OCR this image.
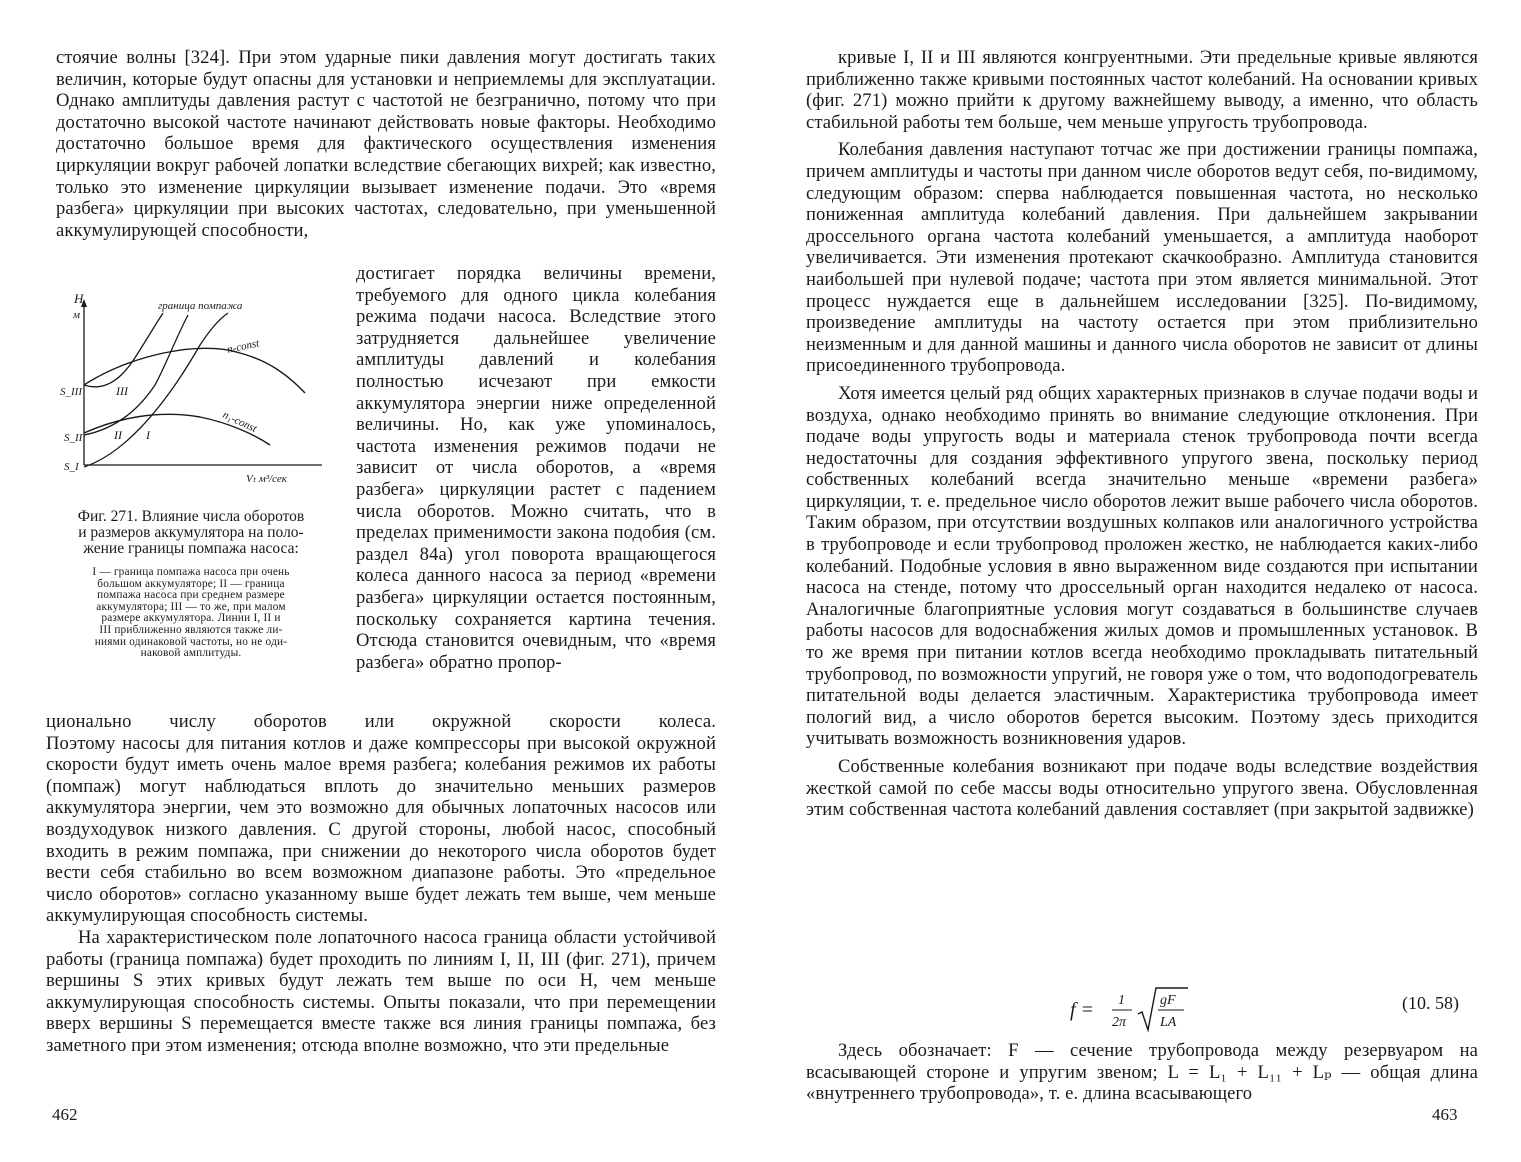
стоячие волны [324]. При этом ударные пики давления могут достигать таких величин, которые будут опасны для установки и неприемлемы для эксплуатации. Однако амплитуды давления растут с частотой не безгранично, потому что при достаточно высокой частоте начинают действовать новые факторы. Необходимо достаточно большое время для фактического осуществления изменения циркуляции вокруг рабочей лопатки вследствие сбегающих вихрей; как известно, только это изменение циркуляции вызывает изменение подачи. Это «время разбега» циркуляции при высоких частотах, следовательно, при уменьшенной аккумулирующей способности,

H
м
Vₜ м³/сек
граница помпажа
n-const
n₁-const
III
II I
S_III
S_II
S_I
Фиг. 271. Влияние числа оборотов
и размеров аккумулятора на поло-
жение границы помпажа насоса:
I — граница помпажа насоса при очень
большом аккумуляторе; II — граница
помпажа насоса при среднем размере
аккумулятора; III — то же, при малом
размере аккумулятора. Линии I, II и
III приближенно являются также ли-
ниями одинаковой частоты, но не оди-
наковой амплитуды.

достигает порядка величины времени, требуемого для одного цикла колебания режима подачи насоса. Вследствие этого затрудняется дальнейшее увеличение амплитуды давлений и колебания полностью исчезают при емкости аккумулятора энергии ниже определенной величины. Но, как уже упоминалось, частота изменения режимов подачи не зависит от числа оборотов, а «время разбега» циркуляции растет с падением числа оборотов. Можно считать, что в пределах применимости закона подобия (см. раздел 84а) угол поворота вращающегося колеса данного насоса за период «времени разбега» циркуляции остается постоянным, поскольку сохраняется картина течения. Отсюда становится очевидным, что «время разбега» обратно пропор-

ционально числу оборотов или окружной скорости колеса.

Поэтому насосы для питания котлов и даже компрессоры при высокой окружной скорости будут иметь очень малое время разбега; колебания режимов их работы (помпаж) могут наблюдаться вплоть до значительно меньших размеров аккумулятора энергии, чем это возможно для обычных лопаточных насосов или воздуходувок низкого давления. С другой стороны, любой насос, способный входить в режим помпажа, при снижении до некоторого числа оборотов будет вести себя стабильно во всем возможном диапазоне работы. Это «предельное число оборотов» согласно указанному выше будет лежать тем выше, чем меньше аккумулирующая способность системы.

На характеристическом поле лопаточного насоса граница области устойчивой работы (граница помпажа) будет проходить по линиям I, II, III (фиг. 271), причем вершины S этих кривых будут лежать тем выше по оси H, чем меньше аккумулирующая способность системы. Опыты показали, что при перемещении вверх вершины S перемещается вместе также вся линия границы помпажа, без заметного при этом изменения; отсюда вполне возможно, что эти предельные

462

кривые I, II и III являются конгруентными. Эти предельные кривые являются приближенно также кривыми постоянных частот колебаний. На основании кривых (фиг. 271) можно прийти к другому важнейшему выводу, а именно, что область стабильной работы тем больше, чем меньше упругость трубопровода.

Колебания давления наступают тотчас же при достижении границы помпажа, причем амплитуды и частоты при данном числе оборотов ведут себя, по-видимому, следующим образом: сперва наблюдается повышенная частота, но несколько пониженная амплитуда колебаний давления. При дальнейшем закрывании дроссельного органа частота колебаний уменьшается, а амплитуда наоборот увеличивается. Эти изменения протекают скачкообразно. Амплитуда становится наибольшей при нулевой подаче; частота при этом является минимальной. Этот процесс нуждается еще в дальнейшем исследовании [325]. По-видимому, произведение амплитуды на частоту остается при этом приблизительно неизменным и для данной машины и данного числа оборотов не зависит от длины присоединенного трубопровода.

Хотя имеется целый ряд общих характерных признаков в случае подачи воды и воздуха, однако необходимо принять во внимание следующие отклонения. При подаче воды упругость воды и материала стенок трубопровода почти всегда недостаточны для создания эффективного упругого звена, поскольку период собственных колебаний всегда значительно меньше «времени разбега» циркуляции, т. е. предельное число оборотов лежит выше рабочего числа оборотов. Таким образом, при отсутствии воздушных колпаков или аналогичного устройства в трубопроводе и если трубопровод проложен жестко, не наблюдается каких-либо колебаний. Подобные условия в явно выраженном виде создаются при испытании насоса на стенде, потому что дроссельный орган находится недалеко от насоса. Аналогичные благоприятные условия могут создаваться в большинстве случаев работы насосов для водоснабжения жилых домов и промышленных установок. В то же время при питании котлов всегда необходимо прокладывать питательный трубопровод, по возможности упругий, не говоря уже о том, что водоподогреватель питательной воды делается эластичным. Характеристика трубопровода имеет пологий вид, а число оборотов берется высоким. Поэтому здесь приходится учитывать возможность возникновения ударов.

Собственные колебания возникают при подаче воды вследствие воздействия жесткой самой по себе массы воды относительно упругого звена. Обусловленная этим собственная частота колебаний давления составляет (при закрытой задвижке)

f = 1
2π
gF
LA
(10. 58)

Здесь обозначает: F — сечение трубопровода между резервуаром на всасывающей стороне и упругим звеном; L = L₁ + L₁₁ + Lₚ — общая длина «внутреннего трубопровода», т. е. длина всасывающего

463
